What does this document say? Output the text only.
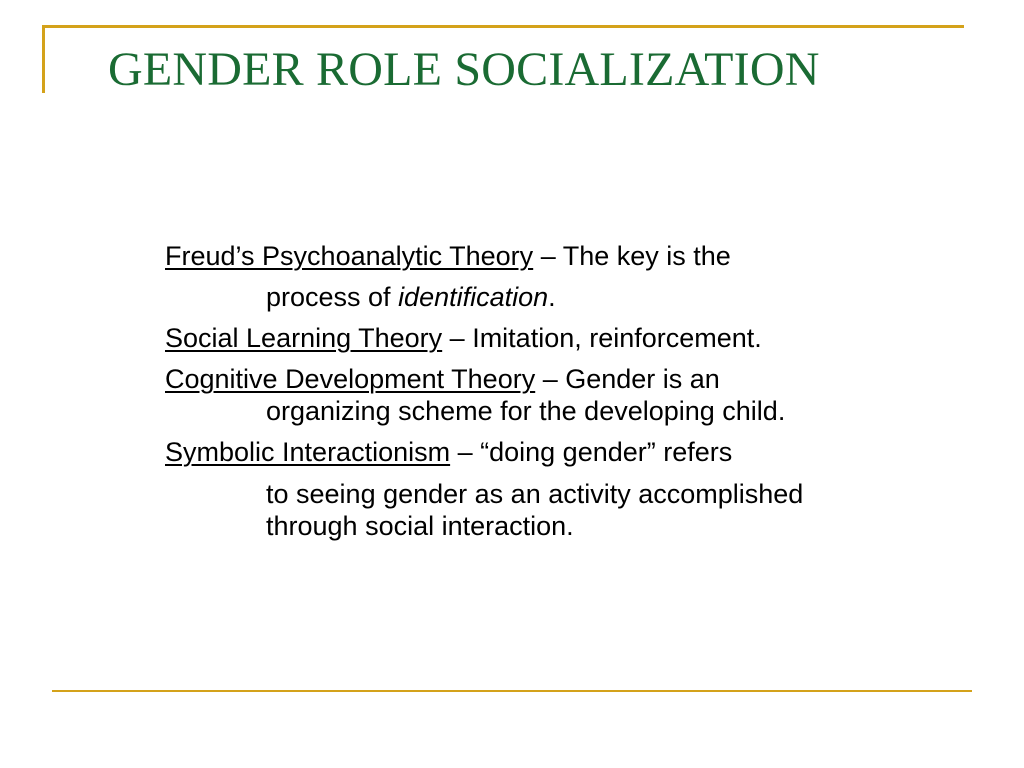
GENDER ROLE SOCIALIZATION
Freud’s Psychoanalytic Theory – The key is the
process of identification.
Social Learning Theory – Imitation, reinforcement.
Cognitive Development Theory – Gender is an
organizing scheme for the developing child.
Symbolic Interactionism – “doing gender” refers
to seeing gender as an activity accomplished
through social interaction.
